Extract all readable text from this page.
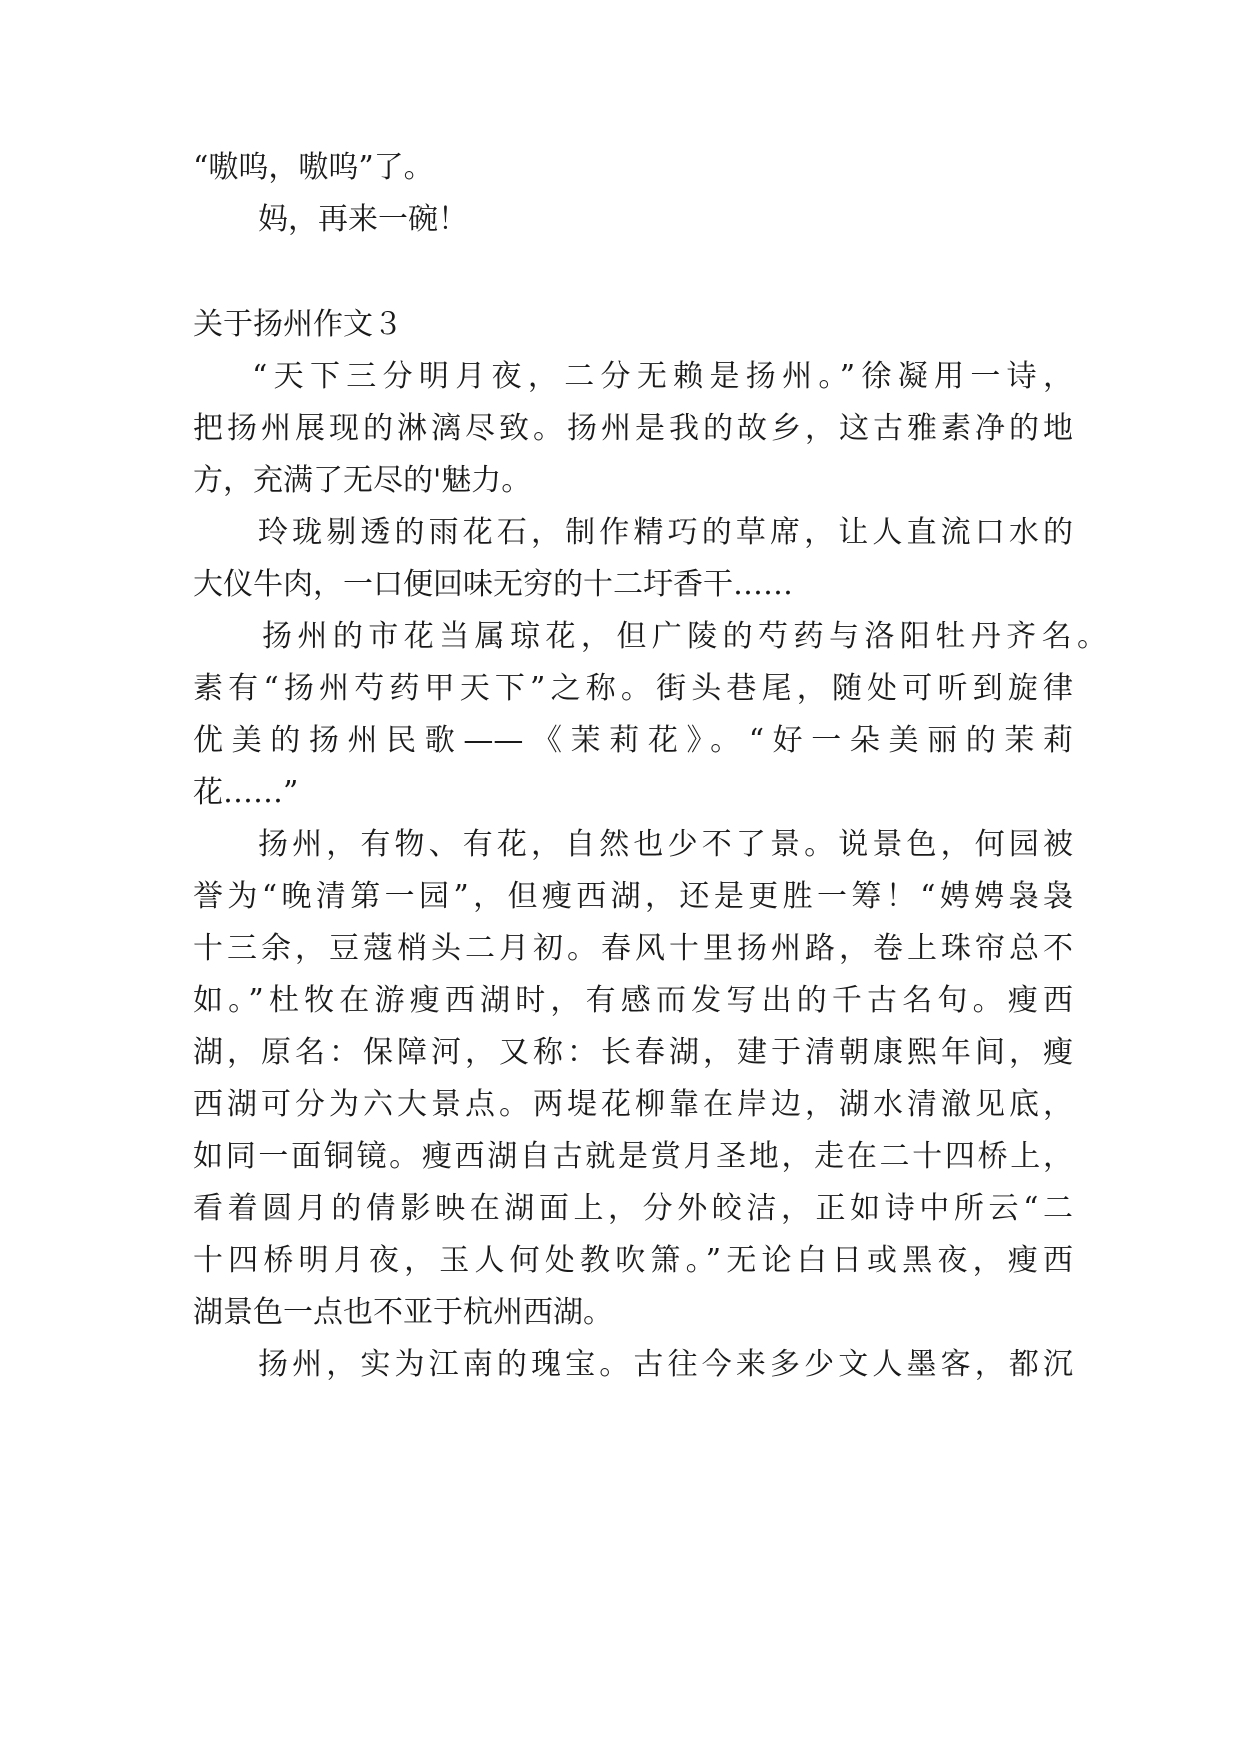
“嗷呜，嗷呜”了。
妈，再来一碗！
关于扬州作文３
“天下三分明月夜，二分无赖是扬州。”徐凝用一诗，
把扬州展现的淋漓尽致。扬州是我的故乡，这古雅素净的地
方，充满了无尽的'魅力。
玲珑剔透的雨花石，制作精巧的草席，让人直流口水的
大仪牛肉，一口便回味无穷的十二圩香干……
扬州的市花当属琼花，但广陵的芍药与洛阳牡丹齐名。
素有“扬州芍药甲天下”之称。街头巷尾，随处可听到旋律
优美的扬州民歌——《茉莉花》。“好一朵美丽的茉莉
花……”
扬州，有物、有花，自然也少不了景。说景色，何园被
誉为“晚清第一园”，但瘦西湖，还是更胜一筹！“娉娉袅袅
十三余，豆蔻梢头二月初。春风十里扬州路，卷上珠帘总不
如。”杜牧在游瘦西湖时，有感而发写出的千古名句。瘦西
湖，原名：保障河，又称：长春湖，建于清朝康熙年间，瘦
西湖可分为六大景点。两堤花柳靠在岸边，湖水清澈见底，
如同一面铜镜。瘦西湖自古就是赏月圣地，走在二十四桥上，
看着圆月的倩影映在湖面上，分外皎洁，正如诗中所云“二
十四桥明月夜，玉人何处教吹箫。”无论白日或黑夜，瘦西
湖景色一点也不亚于杭州西湖。
扬州，实为江南的瑰宝。古往今来多少文人墨客，都沉
